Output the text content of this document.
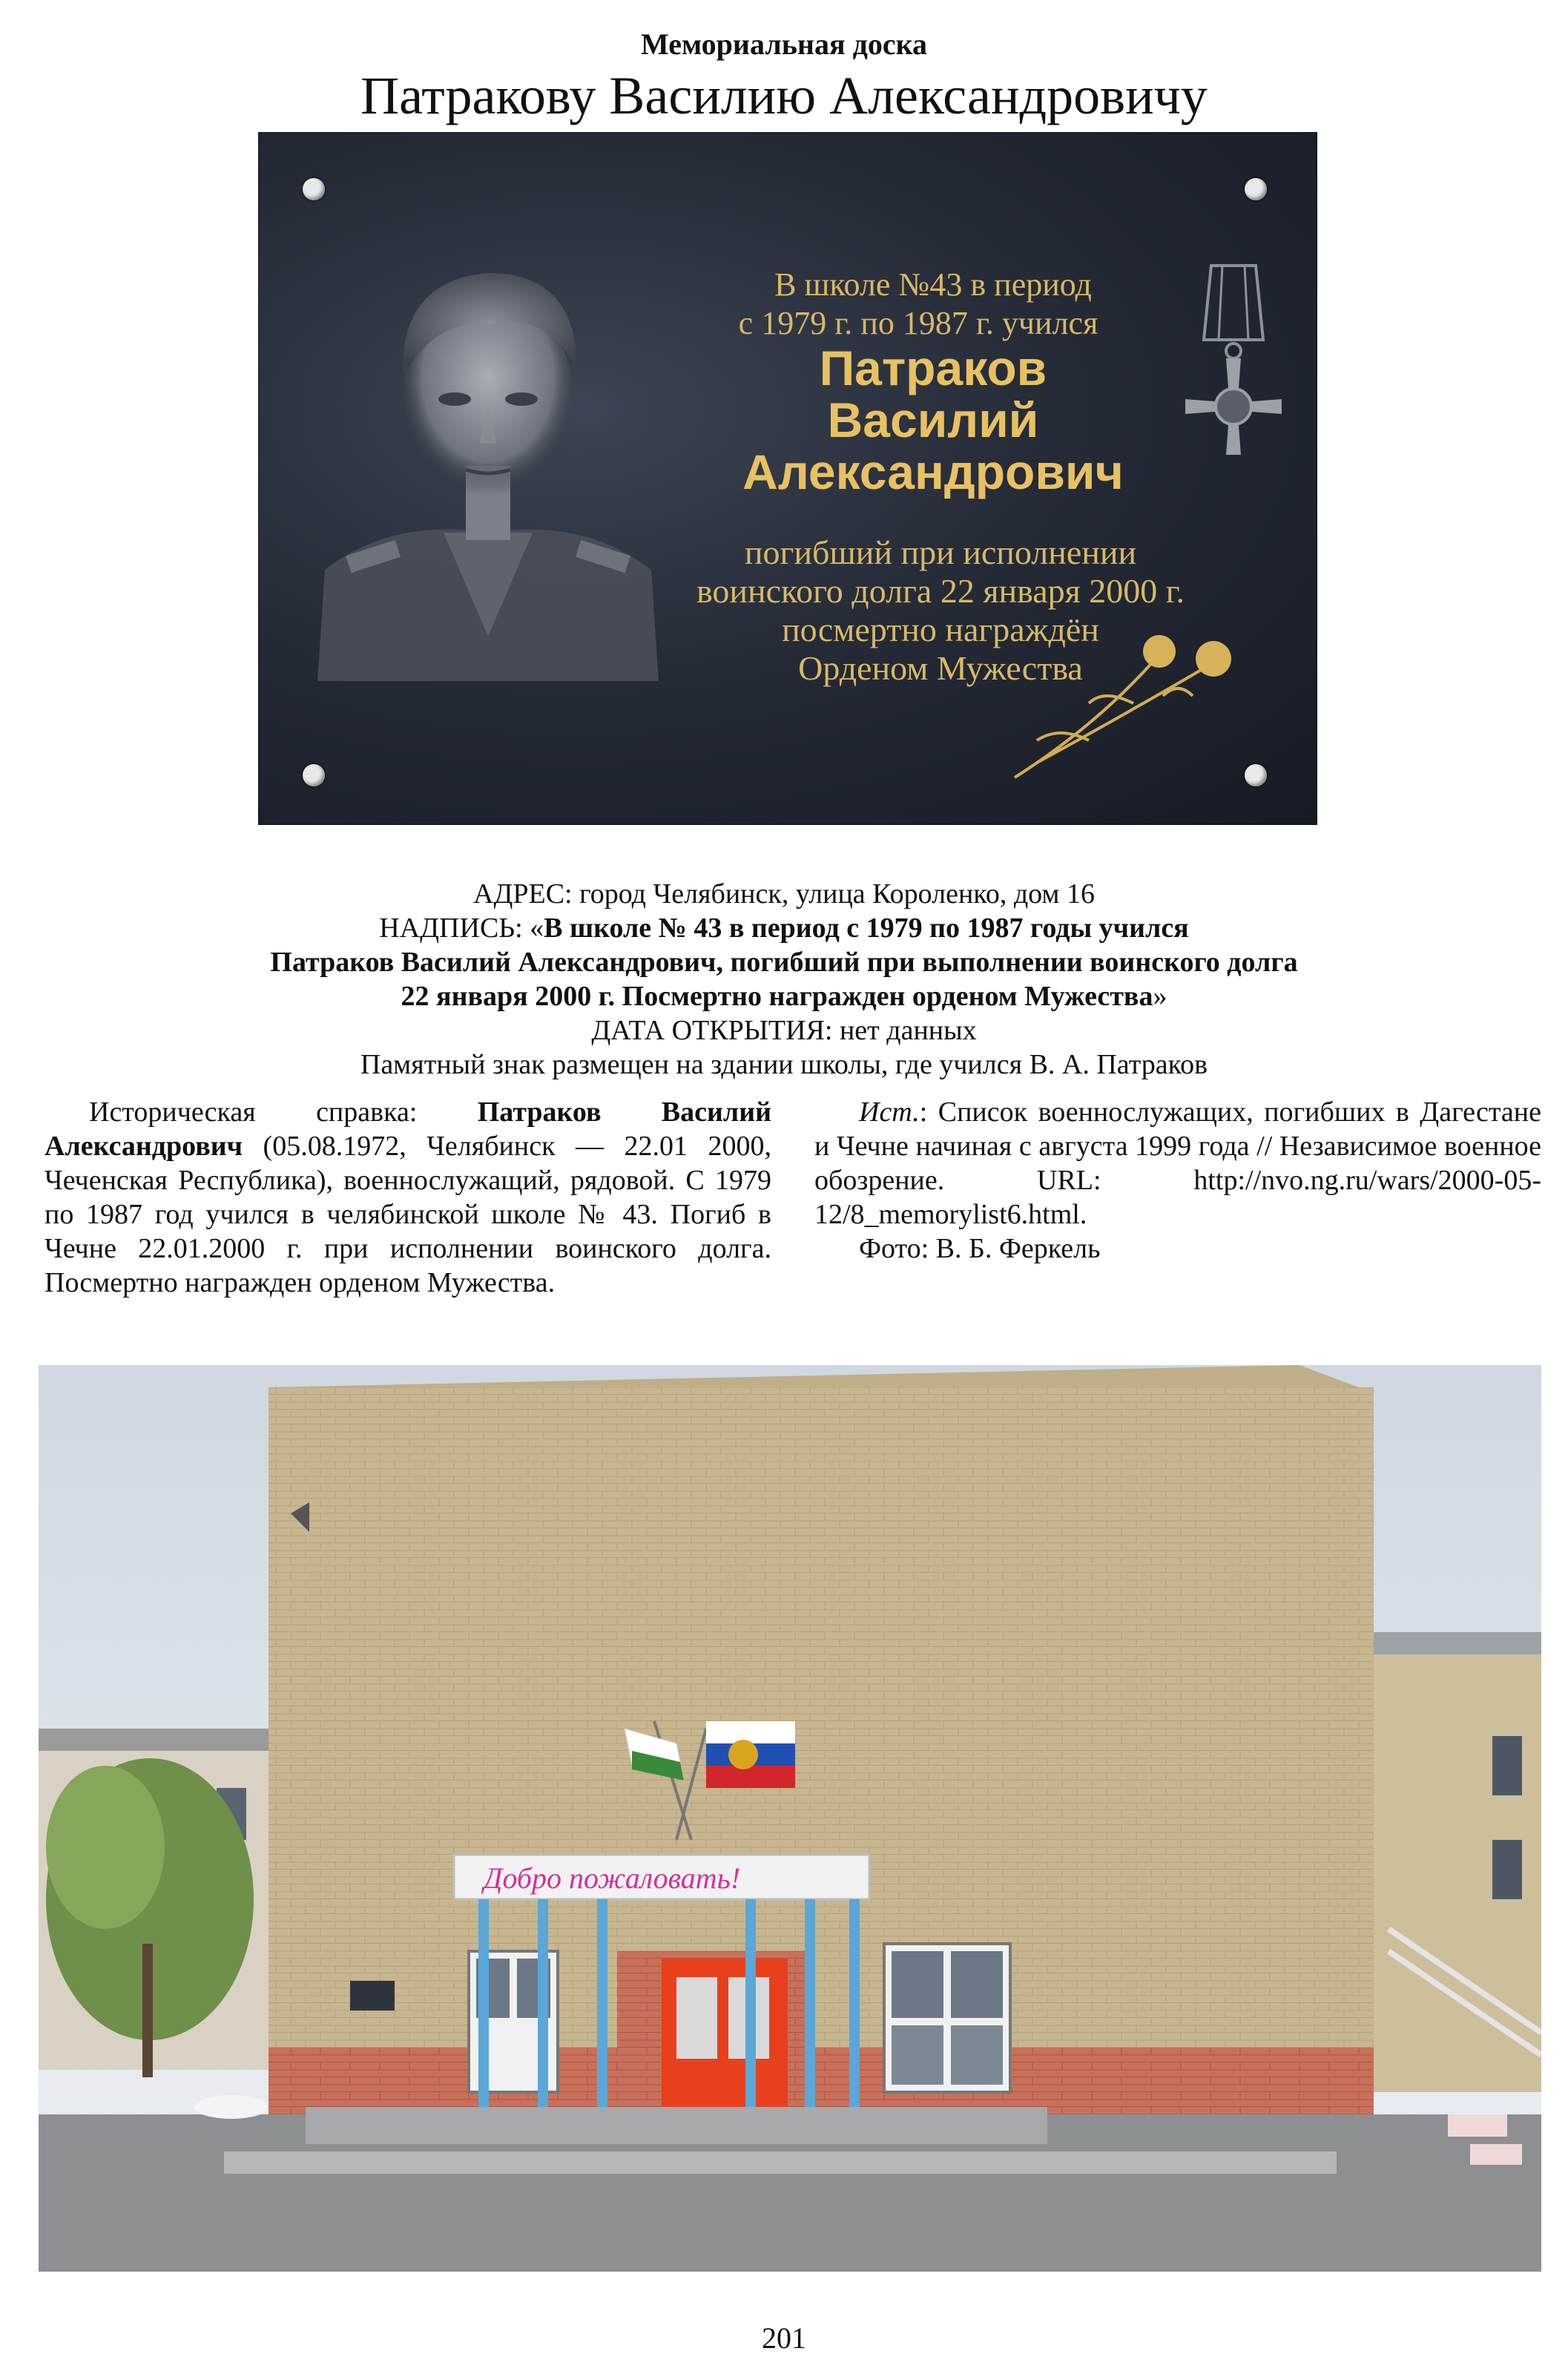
Мемориальная доска
Патракову Василию Александровичу
В школе №43 в период
с 1979 г. по 1987 г. учился
Патраков
Василий
Александрович
погибший при исполнении
воинского долга 22 января 2000 г.
посмертно награждён
Орденом Мужества
АДРЕС: город Челябинск, улица Короленко, дом 16
НАДПИСЬ: «В школе № 43 в период с 1979 по 1987 годы учился
Патраков Василий Александрович, погибший при выполнении воинского долга
22 января 2000 г. Посмертно награжден орденом Мужества»
ДАТА ОТКРЫТИЯ: нет данных
Памятный знак размещен на здании школы, где учился В. А. Патраков

Историческая справка: Патраков Василий Александрович (05.08.1972, Челябинск — 22.01 2000, Чеченская Республика), военнослужащий, рядовой. С 1979 по 1987 год учился в челябинской школе № 43. Погиб в Чечне 22.01.2000 г. при исполнении воинского долга. Посмертно награжден орденом Мужества.

Ист.: Список военнослужащих, погибших в Дагестане и Чечне начиная с августа 1999 года // Независимое военное обозрение. URL: http://nvo.ng.ru/wars/2000-05-12/8_memorylist6.html.

Фото: В. Б. Феркель

Добро пожаловать!
201
